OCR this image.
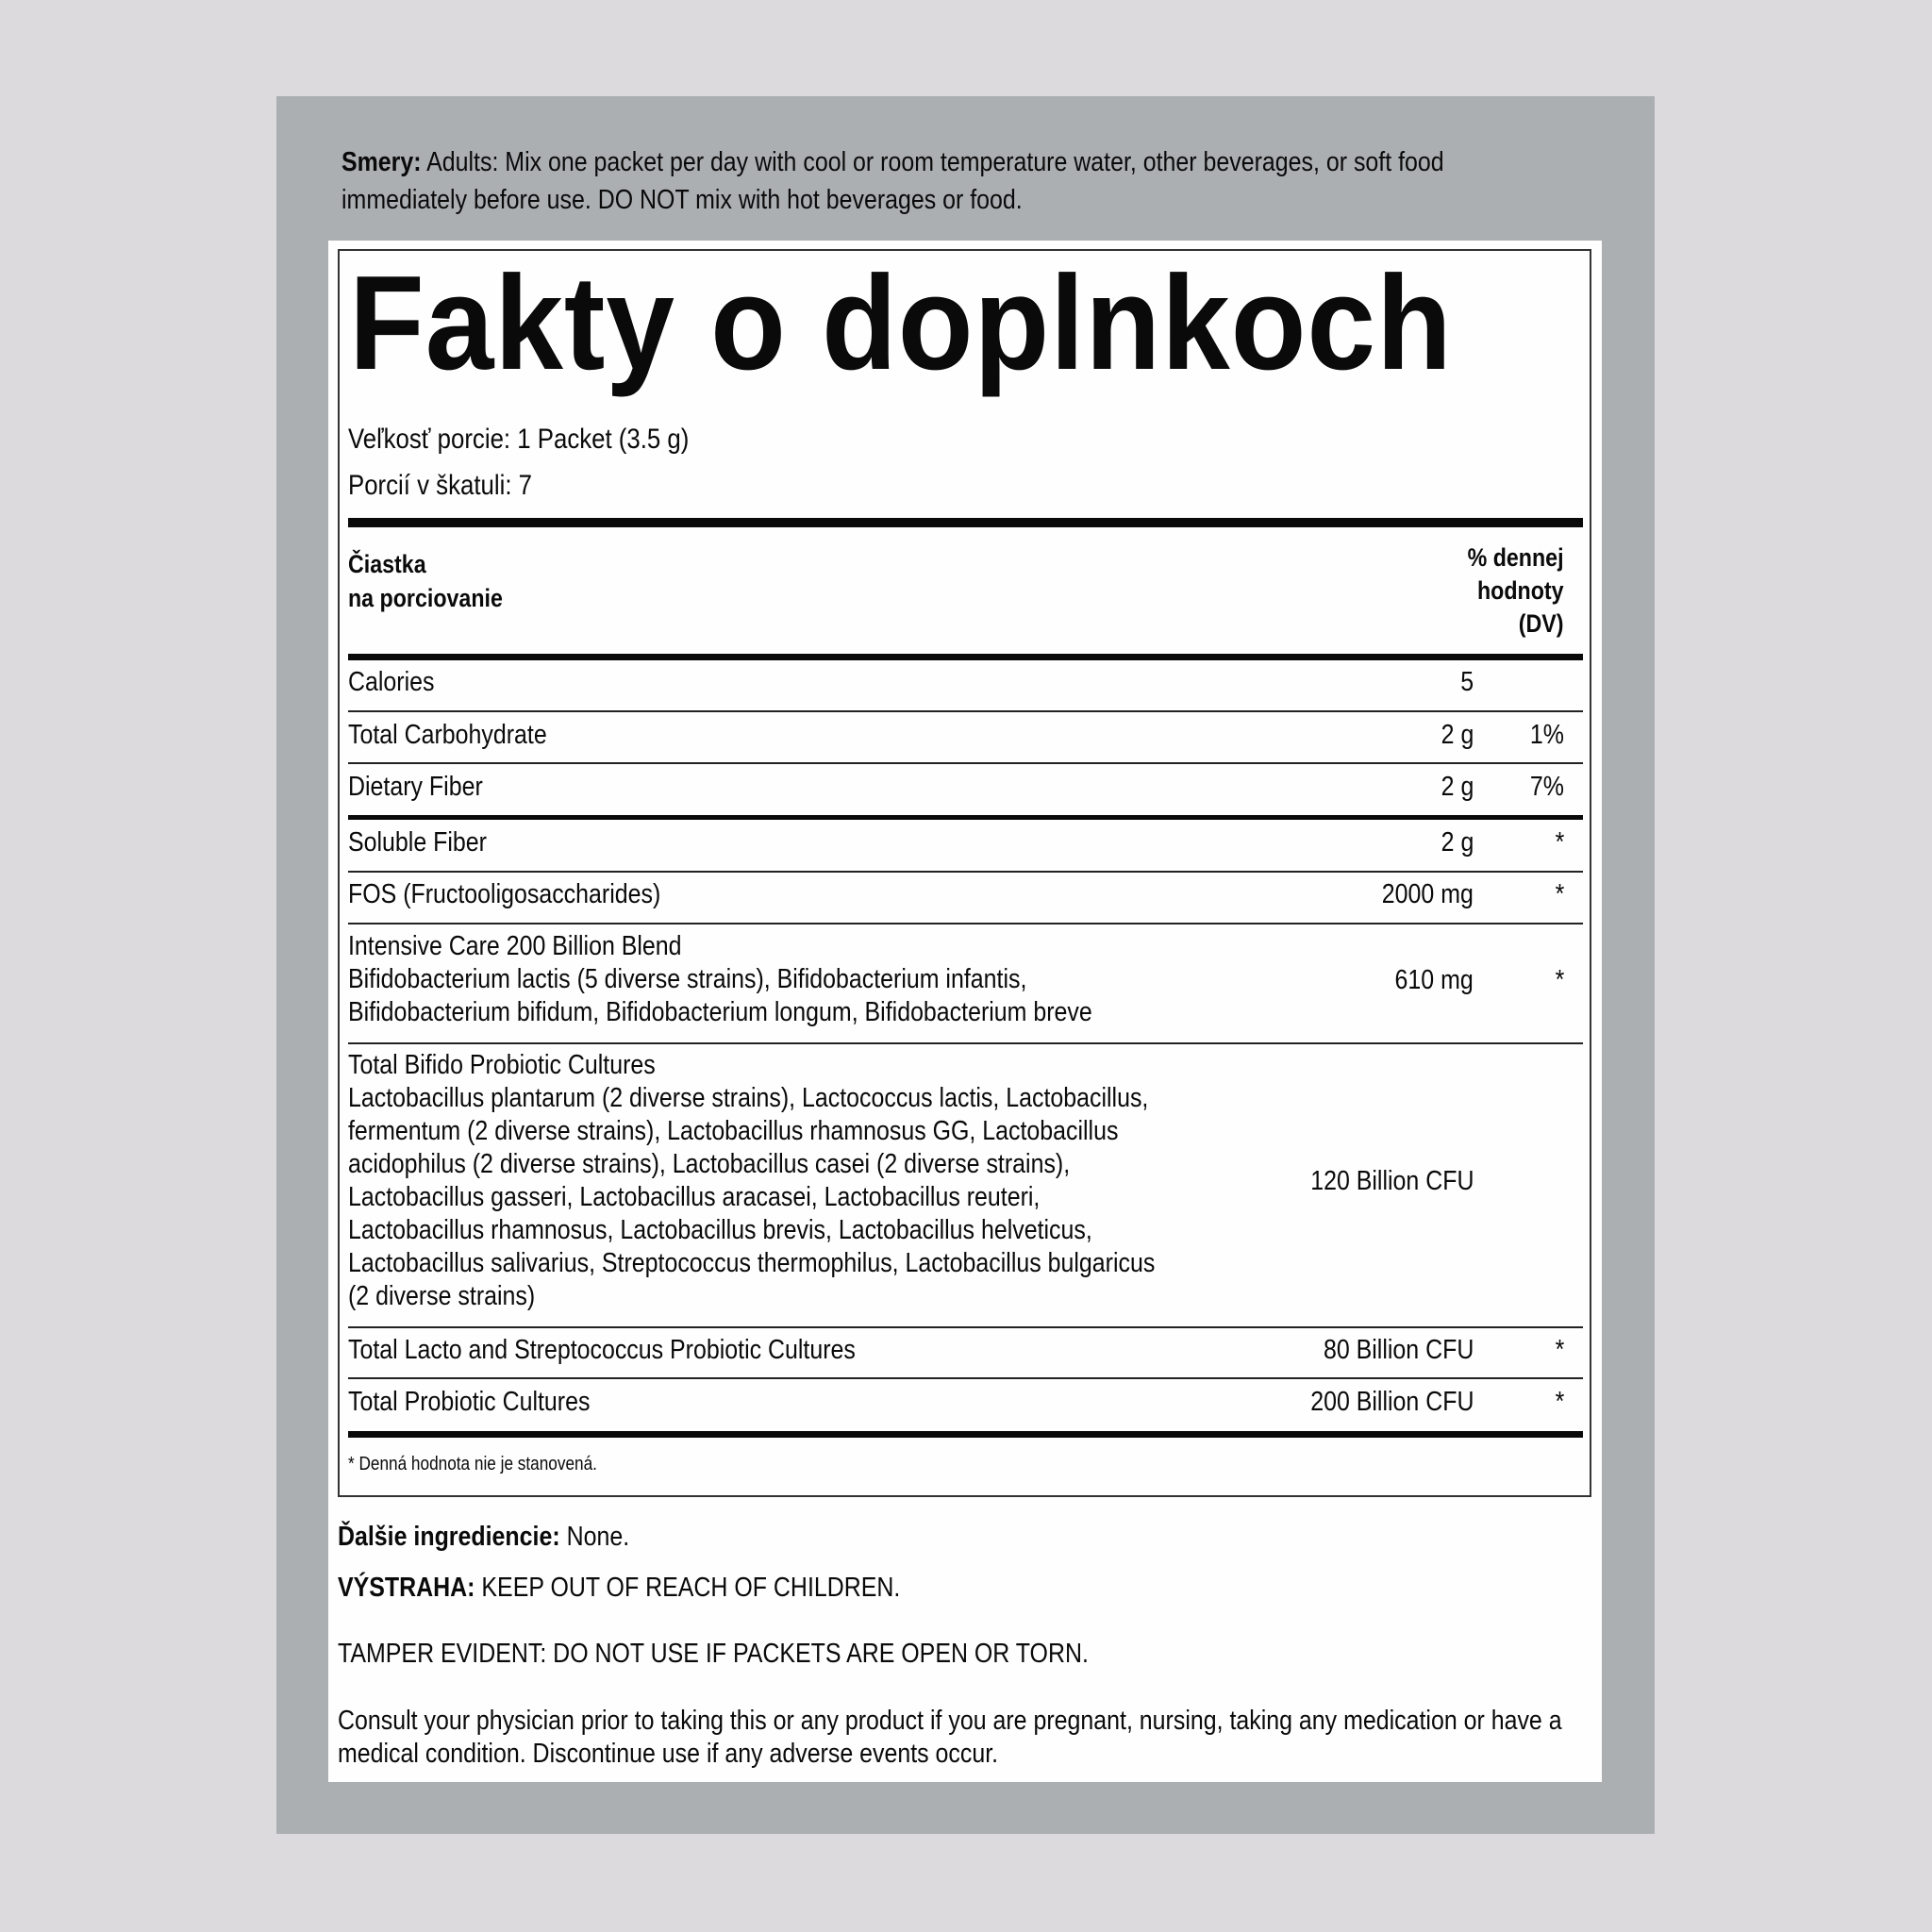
Smery: Adults: Mix one packet per day with cool or room temperature water, other beverages, or soft food
immediately before use. DO NOT mix with hot beverages or food.
Fakty o doplnkoch
Veľkosť porcie: 1 Packet (3.5 g)
Porcií v škatuli: 7
Čiastka
na porciovanie
% dennej
hodnoty
(DV)
Calories	5
Total Carbohydrate	2 g 1%
Dietary Fiber	2 g 7%
Soluble Fiber	2 g	*
FOS (Fructooligosaccharides)	2000 mg	*
Intensive Care 200 Billion Blend
Bifidobacterium lactis (5 diverse strains), Bifidobacterium infantis,
Bifidobacterium bifidum, Bifidobacterium longum, Bifidobacterium breve
610 mg	*
Total Bifido Probiotic Cultures
Lactobacillus plantarum (2 diverse strains), Lactococcus lactis, Lactobacillus,
fermentum (2 diverse strains), Lactobacillus rhamnosus GG, Lactobacillus
acidophilus (2 diverse strains), Lactobacillus casei (2 diverse strains),
Lactobacillus gasseri, Lactobacillus aracasei, Lactobacillus reuteri,
Lactobacillus rhamnosus, Lactobacillus brevis, Lactobacillus helveticus,
Lactobacillus salivarius, Streptococcus thermophilus, Lactobacillus bulgaricus
(2 diverse strains)
120 Billion CFU
Total Lacto and Streptococcus Probiotic Cultures	80 Billion CFU	*
Total Probiotic Cultures	200 Billion CFU	*
* Denná hodnota nie je stanovená.
Ďalšie ingrediencie: None.
VÝSTRAHA: KEEP OUT OF REACH OF CHILDREN.
TAMPER EVIDENT: DO NOT USE IF PACKETS ARE OPEN OR TORN.
Consult your physician prior to taking this or any product if you are pregnant, nursing, taking any medication or have a
medical condition. Discontinue use if any adverse events occur.
